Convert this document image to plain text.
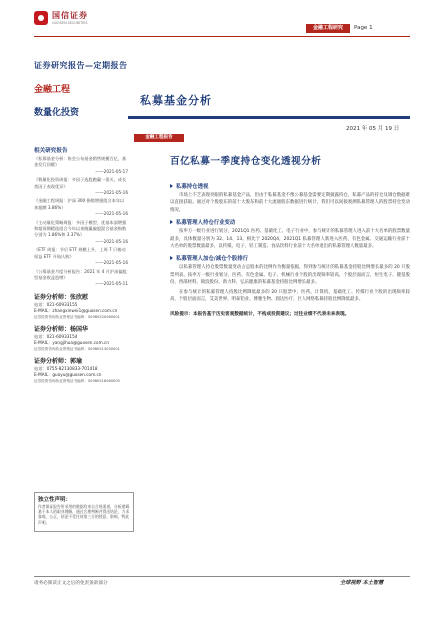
国信证券
GUOSEN SECURITIES
金融工程研究	Page 1
证券研究报告—定期报告
金融工程
私募基金分析
数量化投资
2021 年 05 月 19 日
相关研究报告
《私募基金分析：协会公布基金销售规模百亿，基金发行回暖》
——2021-05-17
《数量化投资周报：多因子选股跑赢一很关，成长类因子表现优异》
——2021-05-16
《金融工程周报：沪深 300 指数增强组合本年以来超额 3.86%》
——2021-05-16
《主动量化策略周报：多因子模型，优基本面增强和超预期精选组合今年以来跑赢偏股混合基金指数分别为 1.86%和 3.37%》
——2021-05-16
《ETF 周报：节后 ETF 规模上升，上周 7 只被动权益 ETF 开始认购》
——2021-05-16
《公募基金月度分析报告：2021 年 4 月沪深偏股型基金收益趋增》
——2021-05-11
证券分析师：张欣慰
电话：021-60933155
E-MAIL：zhangxinwei1@guosen.com.cn
证券投资咨询执业资格证书编码：S0980520060001
证券分析师：杨国华
电话：021-60933154
E-MAIL：yangjihua@guosen.com.cn
证券投资咨询执业资格证书编码：S0980513030001
证券分析师：郭瑜
电话：0755-82130833-701418
E-MAIL：guoyu@guosen.com.cn
证券投资咨询执业资格证书编码：S0980516080005
独立性声明：
作者保证报告所采用的数据均来自合规渠道，分析逻辑基于本人的职业理解，通过合理判断并得出结论，力求客观、公正，结论不受任何第三方的授意、影响，特此声明。
金融工程报告
百亿私募一季度持仓变化透视分析
私募持仓透视
市场上不乏表现亮眼的私募基金产品，但由于私募基金不像公募基金需要定期披露持仓，私募产品的持仓及调仓数据难以直接获取。通过对个股股东的前十大股东和前十大流通股东数据进行统计，我们可以间接观测私募管理人的股票持仓变动情况。
私募管理人持仓行业变动
按申万一级行业进行划分，2021Q1 医药、基础化工、电子行业中，参与统计的私募管理人进入前十大名单的股票数量最多，具体数量分别为 32、14、13。相比于 2020Q4，2021Q1 私募管理人新进入医药、有色金属、交通运输行业前十大名单的股票数量最多，以传媒、电子、轻工制造、食品饮料行业前十大名单退出的私募管理人数量最多。
私募管理人加仓/减仓个股排行
以私募管理人持仓股票数量变动占总股本的比例作为衡量依据，得到参与统计的私募基金持股比例增长最多的 20 只股票列表。按申万一级行业划分，医药、有色金属、电子、机械行业个股的出现频率较高，个股层面而言，恒生电子、隆基股份、西部材料、锦浪股份、新力科、弘乐健康的私募基金持股比例增长最多。
在参与统计的私募管理人持股比例降低最多的 20 只股票中，医药、计算机、基础化工、传媒行业个股的出现频率较高，个股层面而言，艾美世界、明泰铝业、博雅生物、润达医疗、巨人网络私募持股比例降低最多。
风险提示：本报告基于历史客观数据统计，不构成投资建议；过往业绩不代表未来表现。
请务必阅读正文之后的免责条款部分	全球视野 本土智慧
